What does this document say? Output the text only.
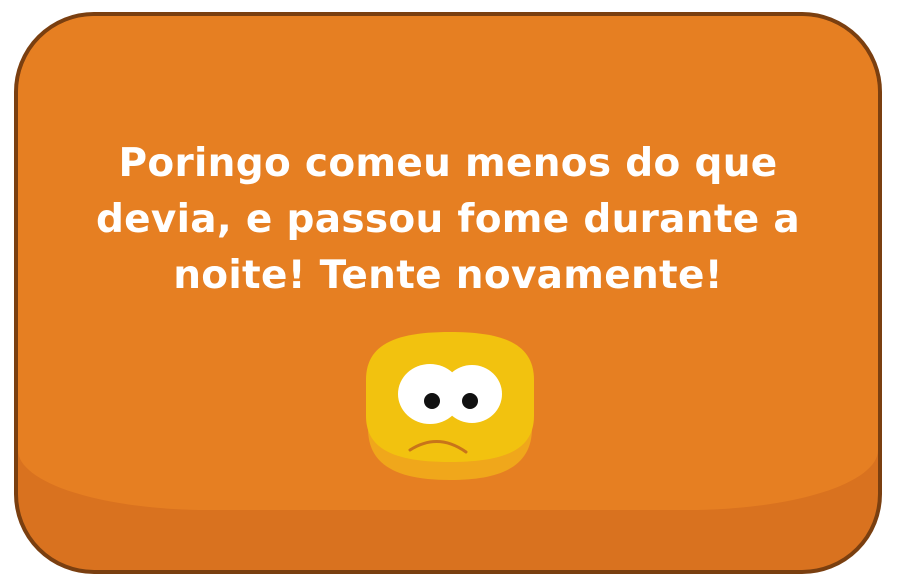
Poringo comeu menos do que devia, e passou fome durante a noite! Tente novamente!
